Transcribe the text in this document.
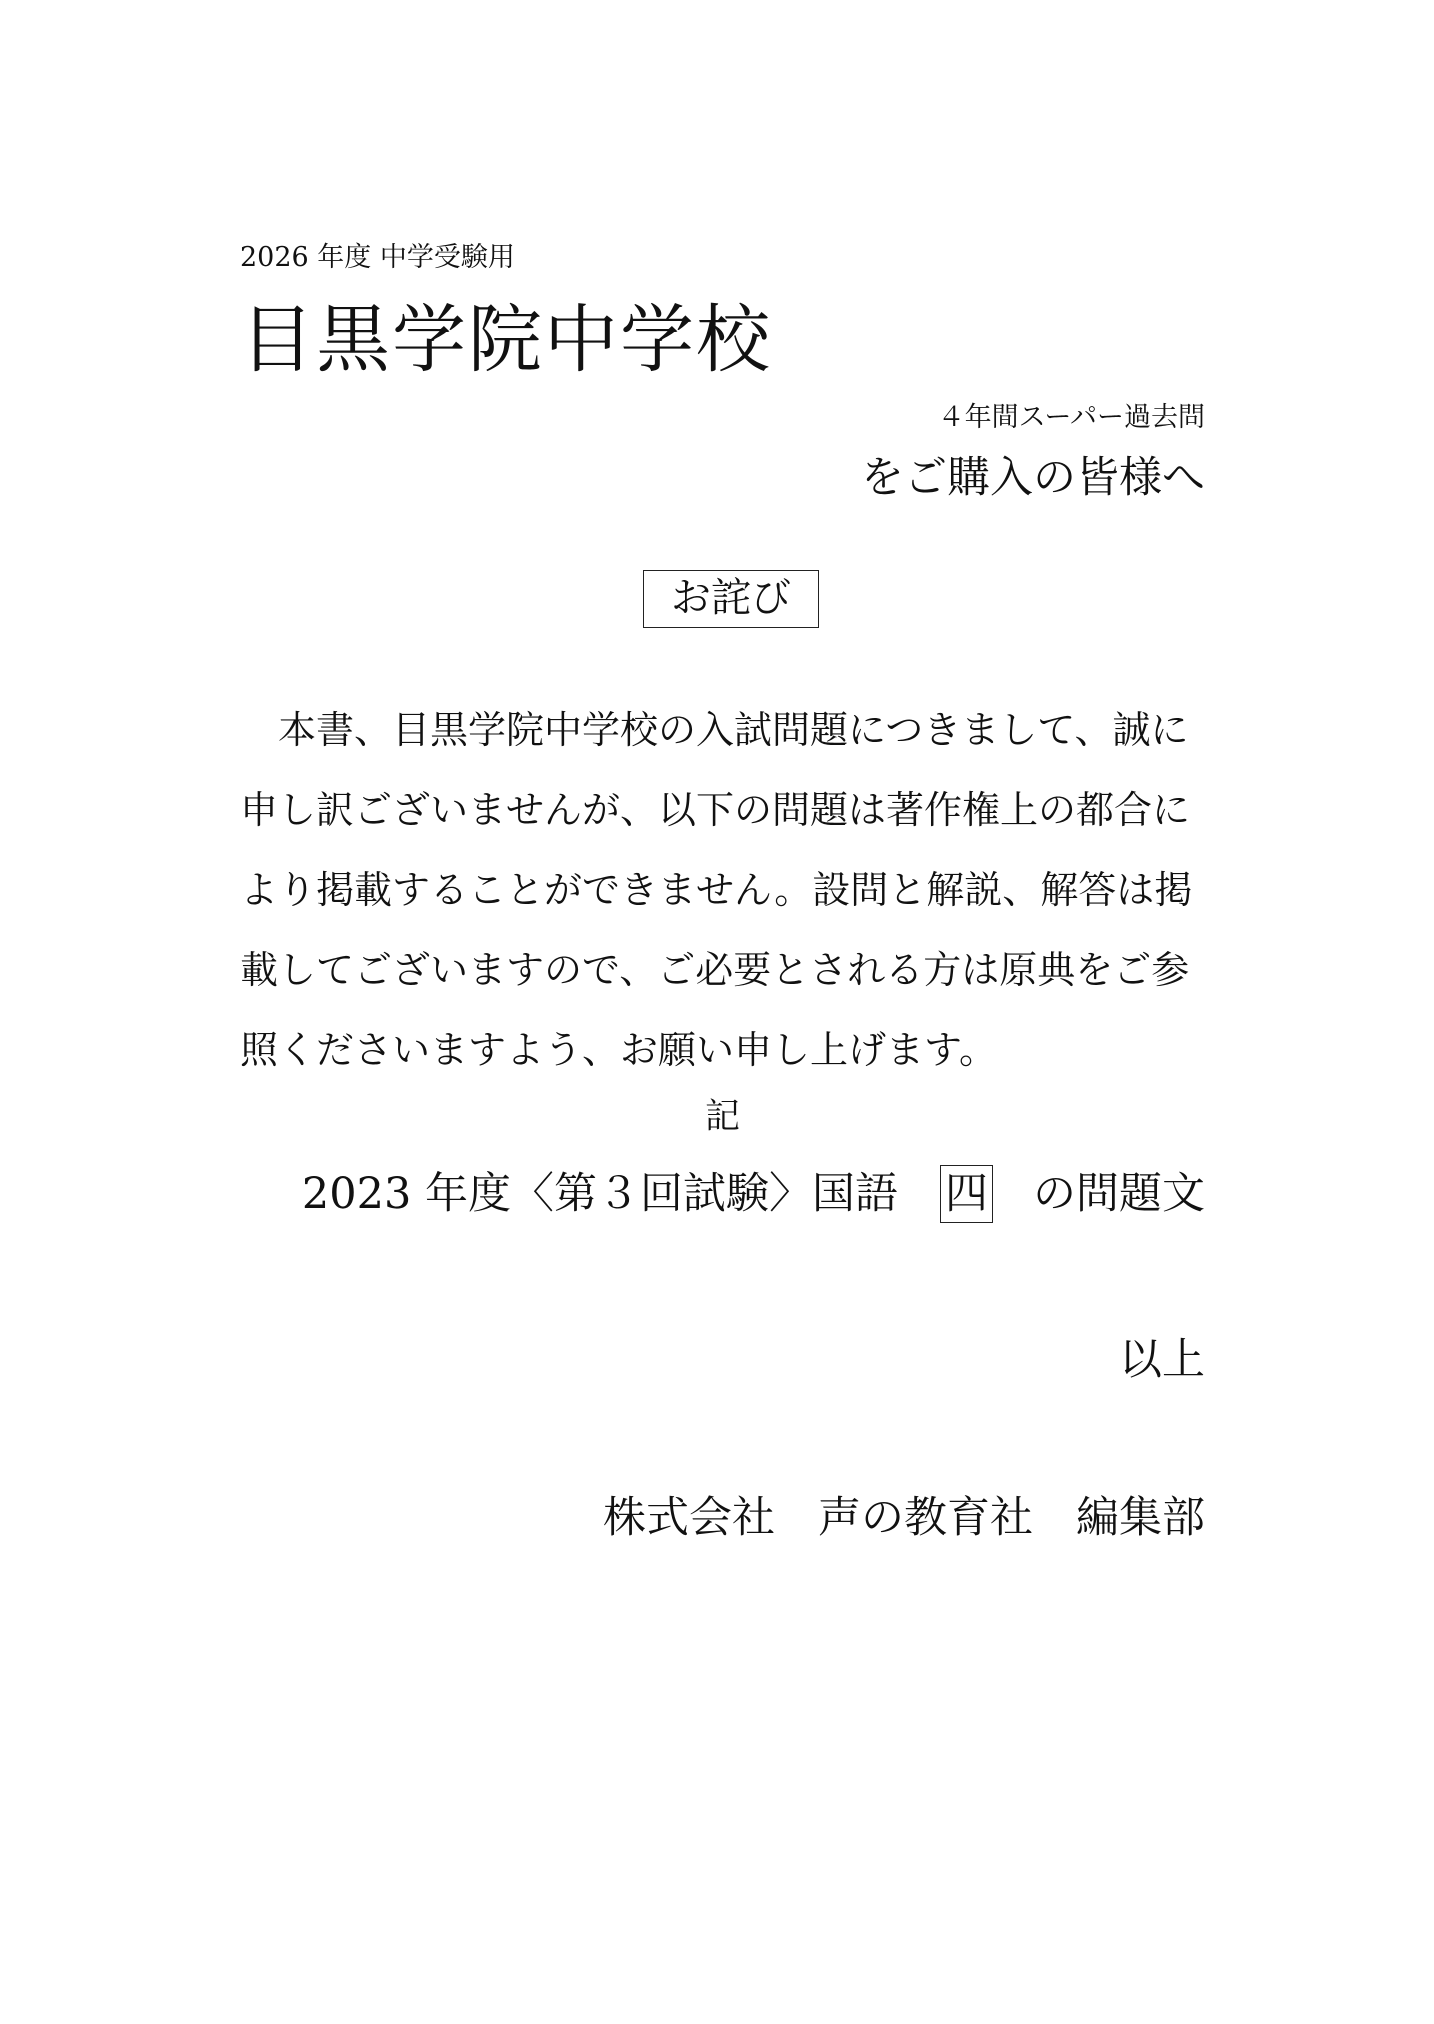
2026 年度 中学受験用
目黒学院中学校
４年間スーパー過去問
をご購入の皆様へ
お詫び
　本書、目黒学院中学校の入試問題につきまして、誠に
申し訳ございませんが、以下の問題は著作権上の都合に
より掲載することができません。設問と解説、解答は掲
載してございますので、ご必要とされる方は原典をご参
照くださいますよう、お願い申し上げます。
記
2023 年度〈第３回試験〉国語 四 の問題文
以上
株式会社　声の教育社　編集部
